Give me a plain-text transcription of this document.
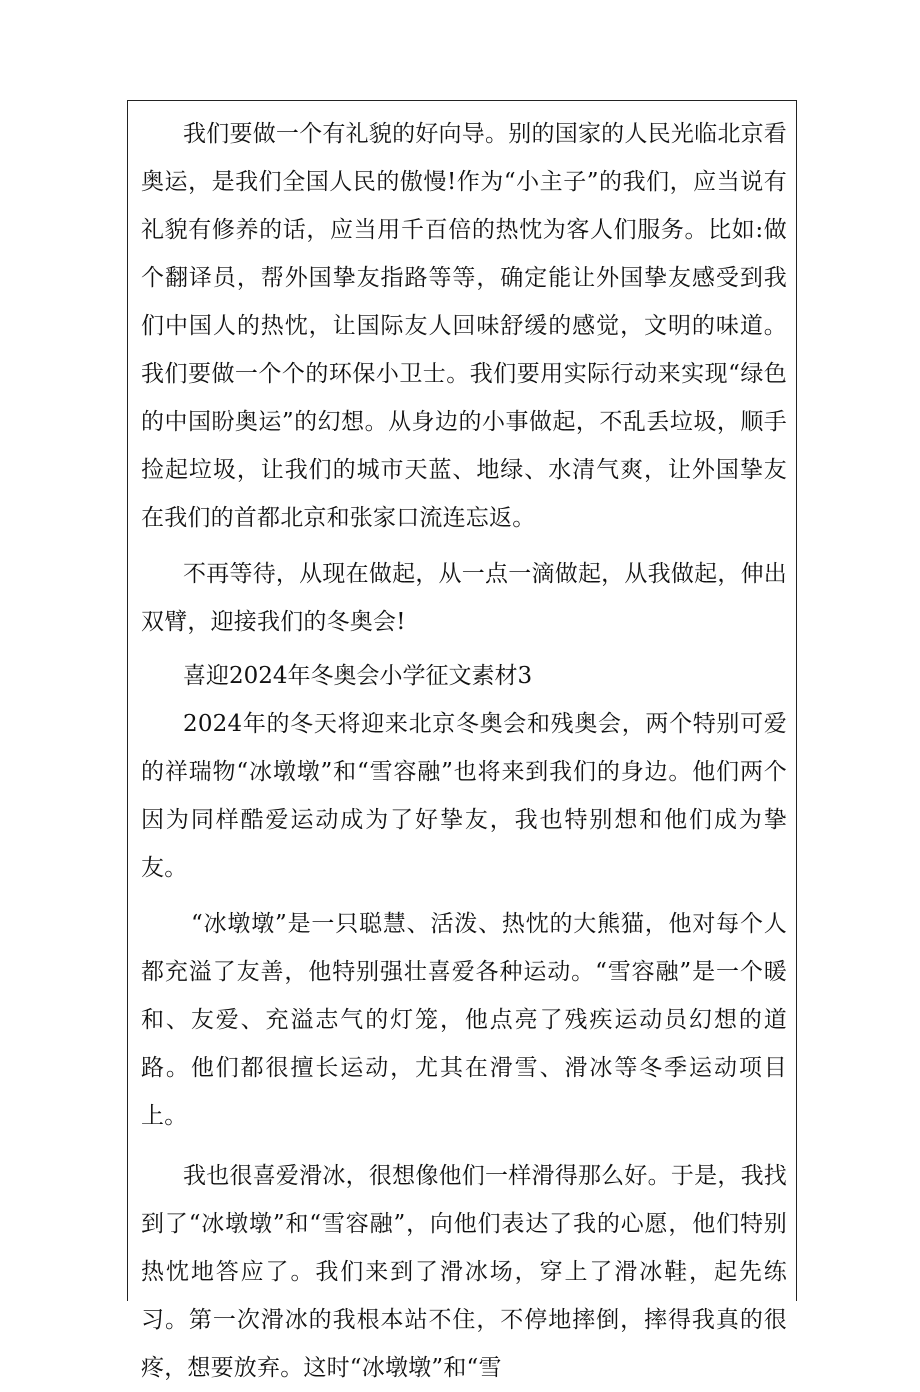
我们要做一个有礼貌的好向导。别的国家的人民光临北京看奥运，是我们全国人民的傲慢!作为“小主子”的我们，应当说有礼貌有修养的话，应当用千百倍的热忱为客人们服务。比如:做个翻译员，帮外国挚友指路等等，确定能让外国挚友感受到我们中国人的热忱，让国际友人回味舒缓的感觉，文明的味道。我们要做一个个的环保小卫士。我们要用实际行动来实现“绿色的中国盼奥运”的幻想。从身边的小事做起，不乱丢垃圾，顺手捡起垃圾，让我们的城市天蓝、地绿、水清气爽，让外国挚友在我们的首都北京和张家口流连忘返。

不再等待，从现在做起，从一点一滴做起，从我做起，伸出双臂，迎接我们的冬奥会!

喜迎2024年冬奥会小学征文素材3

2024年的冬天将迎来北京冬奥会和残奥会，两个特别可爱的祥瑞物“冰墩墩”和“雪容融”也将来到我们的身边。他们两个因为同样酷爱运动成为了好挚友，我也特别想和他们成为挚友。

“冰墩墩”是一只聪慧、活泼、热忱的大熊猫，他对每个人都充溢了友善，他特别强壮喜爱各种运动。“雪容融”是一个暖和、友爱、充溢志气的灯笼，他点亮了残疾运动员幻想的道路。他们都很擅长运动，尤其在滑雪、滑冰等冬季运动项目上。

我也很喜爱滑冰，很想像他们一样滑得那么好。于是，我找到了“冰墩墩”和“雪容融”，向他们表达了我的心愿，他们特别热忱地答应了。我们来到了滑冰场，穿上了滑冰鞋，起先练习。第一次滑冰的我根本站不住，不停地摔倒，摔得我真的很疼，想要放弃。这时“冰墩墩”和“雪
